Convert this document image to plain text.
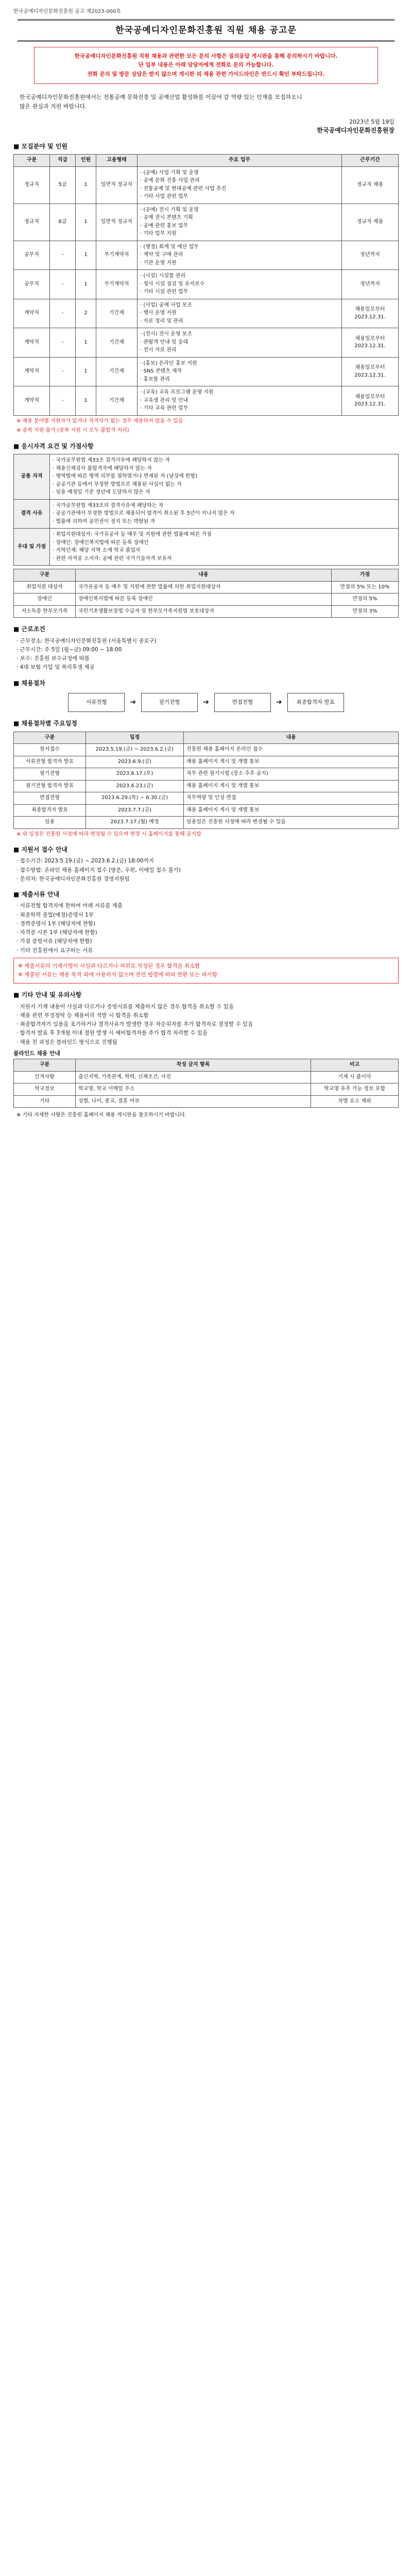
한국공예디자인문화진흥원 공고 제2023-000호
한국공예디자인문화진흥원 직원 채용 공고문
한국공예디자인문화진흥원 직원 채용과 관련한 모든 문의 사항은 질의응답 게시판을 통해 문의하시기 바랍니다.
단 일부 내용은 아래 담당자에게 전화로 문의 가능합니다.
전화 문의 및 방문 상담은 받지 않으며 게시판 외 채용 관련 가이드라인은 반드시 확인 부탁드립니다.

한국공예디자인문화진흥원에서는 전통공예 문화진흥 및 공예산업 활성화를 이끌어 갈 역량 있는 인재를 모집하오니

많은 관심과 지원 바랍니다.

2023년 5월 19일
한국공예디자인문화진흥원장
■ 모집분야 및 인원
구분	직급	인원	고용형태	주요 업무	근무기간
정규직	5급	1	일반직 정규직	· (공예) 사업 기획 및 운영
· 공예 문화 진흥 사업 관리
· 전통공예 및 현대공예 관련 사업 추진
· 기타 사업 관련 업무	정규직 채용
정규직	6급	1	일반직 정규직	· (공예) 전시 기획 및 운영
· 공예 전시 콘텐츠 기획
· 공예 관련 홍보 업무
· 기타 업무 지원	정규직 채용
공무직	-	1	무기계약직	· (행정) 회계 및 예산 업무
· 계약 및 구매 관리
· 기관 운영 지원	정년까지
공무직	-	1	무기계약직	· (시설) 시설물 관리
· 청사 시설 점검 및 유지보수
· 기타 시설 관련 업무	정년까지
계약직	-	2	기간제	· (사업) 공예 사업 보조
· 행사 운영 지원
· 자료 정리 및 관리	채용일로부터 2023.12.31.
계약직	-	1	기간제	· (전시) 전시 운영 보조
· 관람객 안내 및 응대
· 전시 자료 관리	채용일로부터 2023.12.31.
계약직	-	1	기간제	· (홍보) 온라인 홍보 지원
· SNS 콘텐츠 제작
· 홍보물 관리	채용일로부터 2023.12.31.
계약직	-	1	기간제	· (교육) 교육 프로그램 운영 지원
· 교육생 관리 및 안내
· 기타 교육 관련 업무	채용일로부터 2023.12.31.
※ 채용 분야별 지원자가 없거나 적격자가 없는 경우 채용하지 않을 수 있음
※ 중복 지원 불가 (중복 지원 시 모두 불합격 처리)
■ 응시자격 요건 및 가점사항
공통 자격	· 국가공무원법 제33조 결격사유에 해당하지 않는 자
· 채용신체검사 불합격자에 해당하지 않는 자
· 병역법에 따른 병역 의무를 필하였거나 면제된 자 (남성에 한함)
· 공공기관 등에서 부정한 방법으로 채용된 사실이 없는 자
· 임용 예정일 기준 정년에 도달하지 않은 자

결격 사유	· 국가공무원법 제33조의 결격사유에 해당하는 자
· 공공기관에서 부정한 방법으로 채용되어 합격이 취소된 후 5년이 지나지 않은 자
· 법률에 의하여 공민권이 정지 또는 박탈된 자

우대 및 가점	· 취업지원대상자: 국가유공자 등 예우 및 지원에 관한 법률에 따른 가점
· 장애인: 장애인복지법에 따른 등록 장애인
· 지역인재: 해당 지역 소재 학교 졸업자
· 관련 자격증 소지자: 공예 관련 국가기술자격 보유자
구분	내용	가점
취업지원 대상자	국가유공자 등 예우 및 지원에 관한 법률에 의한 취업지원대상자	만점의 5% 또는 10%
장애인	장애인복지법에 따른 등록 장애인	만점의 5%
저소득층 한부모가족	국민기초생활보장법 수급자 및 한부모가족지원법 보호대상자	만점의 3%
■ 근로조건
· 근무장소: 한국공예디자인문화진흥원 (서울특별시 종로구)
· 근무시간: 주 5일 (월~금) 09:00 ~ 18:00
· 보수: 진흥원 보수규정에 따름
· 4대 보험 가입 및 복리후생 제공
■ 채용절차
서류전형	➔	필기전형	➔	면접전형	➔	최종합격자 발표
■ 채용절차별 주요일정
구분	일정	내용
원서접수	2023.5.19.(금) ~ 2023.6.2.(금)	진흥원 채용 홈페이지 온라인 접수
서류전형 합격자 발표	2023.6.9.(금)	채용 홈페이지 게시 및 개별 통보
필기전형	2023.6.17.(토)	직무 관련 필기시험 (장소 추후 공지)
필기전형 합격자 발표	2023.6.23.(금)	채용 홈페이지 게시 및 개별 통보
면접전형	2023.6.29.(목) ~ 6.30.(금)	직무역량 및 인성 면접
최종합격자 발표	2023.7.7.(금)	채용 홈페이지 게시 및 개별 통보
임용	2023.7.17.(월) 예정	임용일은 진흥원 사정에 따라 변경될 수 있음
※ 위 일정은 진흥원 사정에 따라 변경될 수 있으며 변경 시 홈페이지를 통해 공지함
■ 지원서 접수 안내
· 접수기간: 2023.5.19.(금) ~ 2023.6.2.(금) 18:00까지
· 접수방법: 온라인 채용 홈페이지 접수 (방문, 우편, 이메일 접수 불가)
· 문의처: 한국공예디자인문화진흥원 경영지원팀
■ 제출서류 안내
· 서류전형 합격자에 한하여 아래 서류를 제출
· 최종학력 졸업(예정)증명서 1부
· 경력증명서 1부 (해당자에 한함)
· 자격증 사본 1부 (해당자에 한함)
· 가점 증빙서류 (해당자에 한함)
· 기타 진흥원에서 요구하는 서류
※ 제출서류의 기재사항이 사실과 다르거나 허위로 작성된 경우 합격을 취소함
※ 제출된 서류는 채용 목적 외에 사용하지 않으며 관련 법령에 따라 반환 또는 파기함
■ 기타 안내 및 유의사항
· 지원서 기재 내용이 사실과 다르거나 증빙서류를 제출하지 않은 경우 합격을 취소할 수 있음
· 채용 관련 부정청탁 등 채용비리 적발 시 합격을 취소함
· 최종합격자가 임용을 포기하거나 결격사유가 발생한 경우 차순위자를 추가 합격자로 결정할 수 있음
· 합격자 발표 후 3개월 이내 결원 발생 시 예비합격자를 추가 합격 처리할 수 있음
· 채용 전 과정은 블라인드 방식으로 진행됨
블라인드 채용 안내
구분	작성 금지 항목	비고
인적사항	출신지역, 가족관계, 학력, 신체조건, 사진	기재 시 불이익
학교정보	학교명, 학교 이메일 주소	학교명 유추 가능 정보 포함
기타	성별, 나이, 종교, 결혼 여부	차별 요소 제외
※ 기타 자세한 사항은 진흥원 홈페이지 채용 게시판을 참조하시기 바랍니다.
